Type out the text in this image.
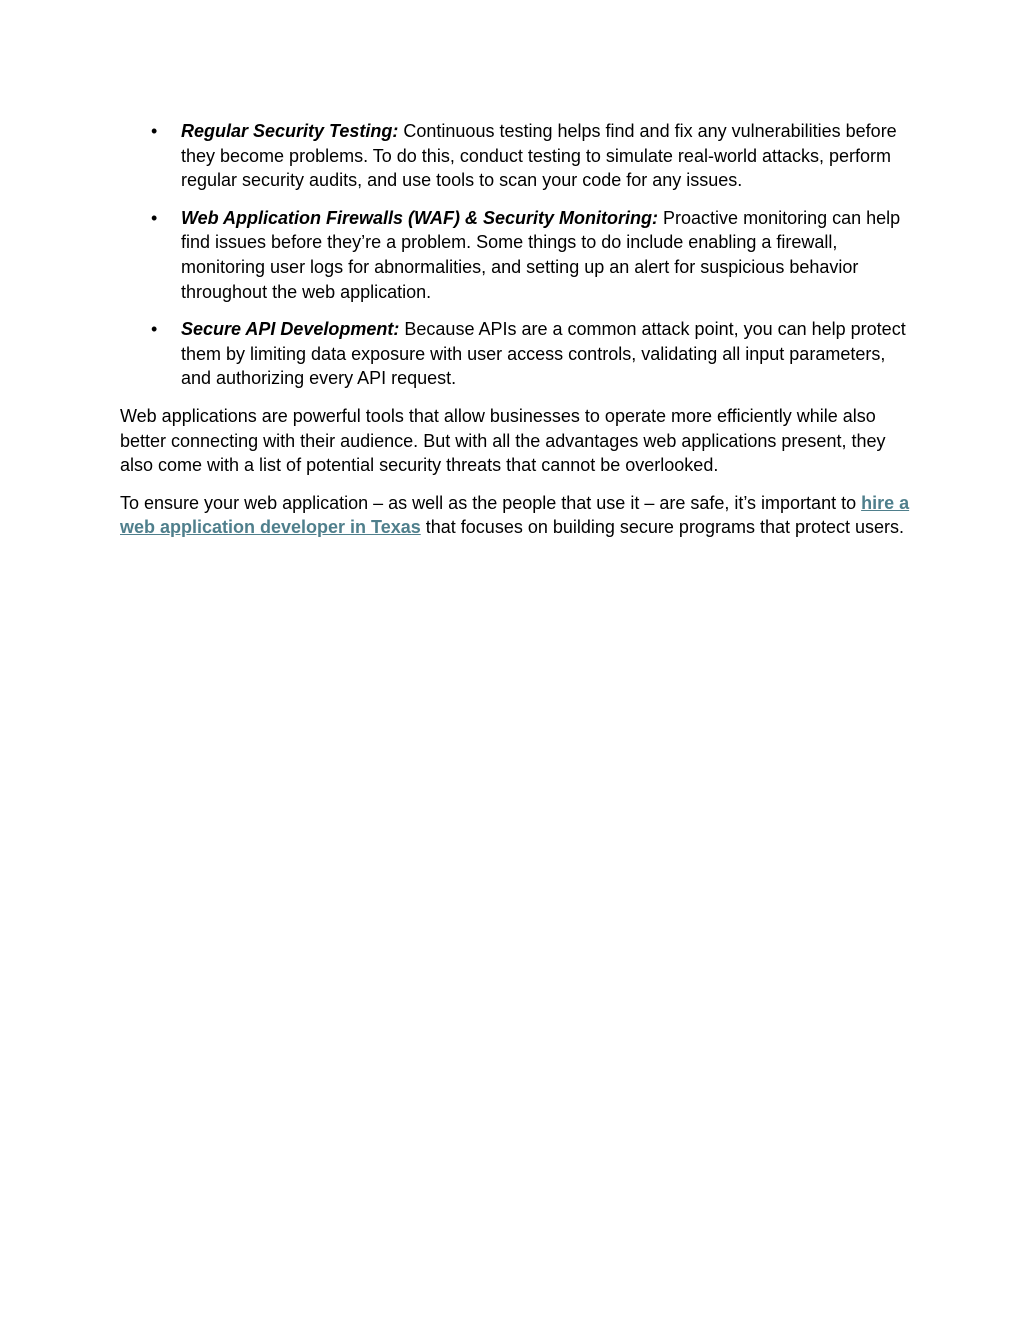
• Regular Security Testing: Continuous testing helps find and fix any vulnerabilities before they become problems. To do this, conduct testing to simulate real-world attacks, perform regular security audits, and use tools to scan your code for any issues.
• Web Application Firewalls (WAF) & Security Monitoring: Proactive monitoring can help find issues before they’re a problem. Some things to do include enabling a firewall, monitoring user logs for abnormalities, and setting up an alert for suspicious behavior throughout the web application.
• Secure API Development: Because APIs are a common attack point, you can help protect them by limiting data exposure with user access controls, validating all input parameters, and authorizing every API request.

Web applications are powerful tools that allow businesses to operate more efficiently while also better connecting with their audience. But with all the advantages web applications present, they also come with a list of potential security threats that cannot be overlooked.

To ensure your web application – as well as the people that use it – are safe, it’s important to hire a web application developer in Texas that focuses on building secure programs that protect users.
